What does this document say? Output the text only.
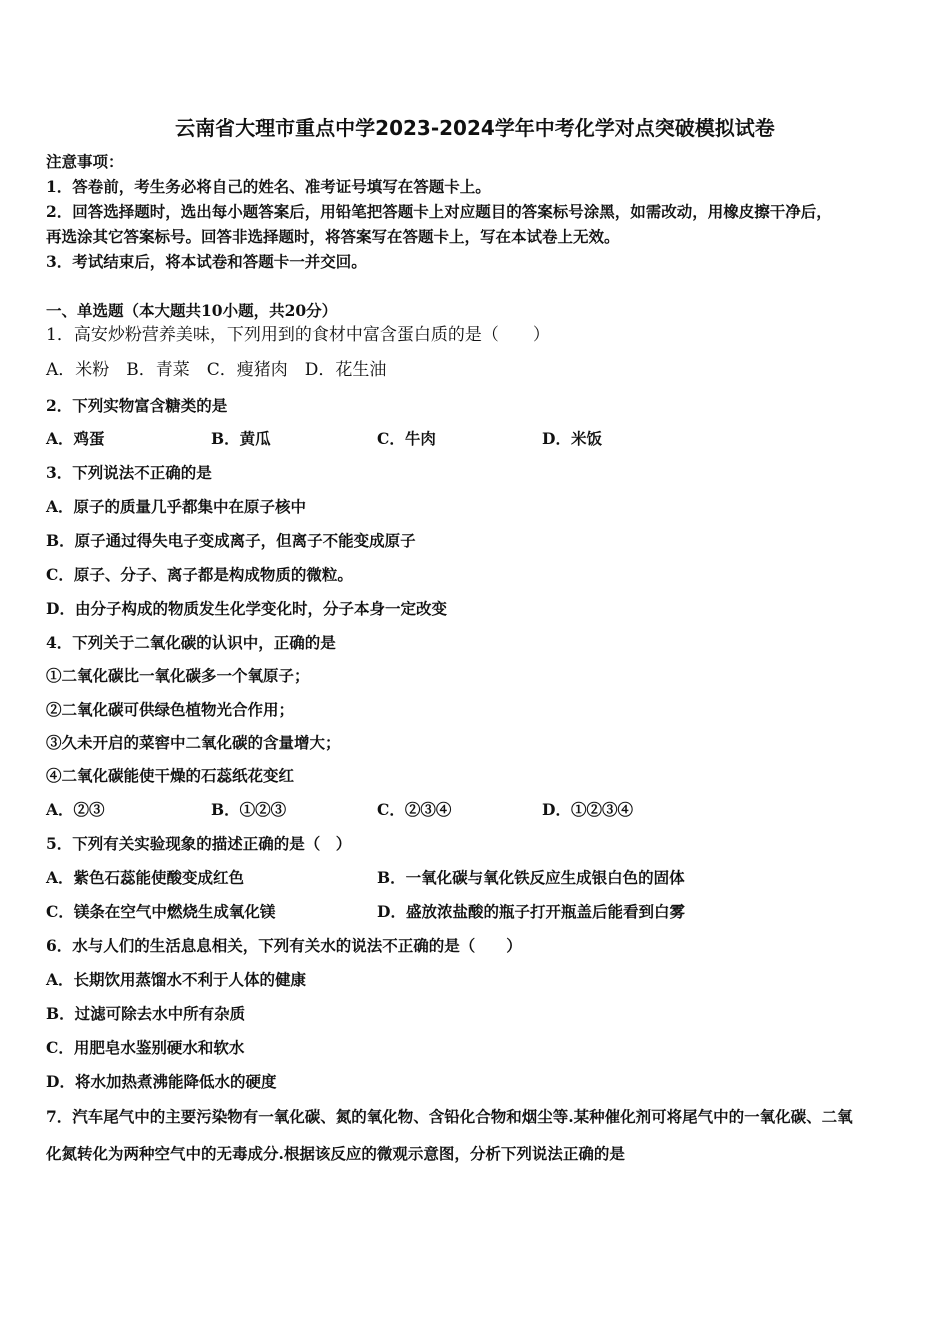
云南省大理市重点中学2023-2024学年中考化学对点突破模拟试卷
注意事项：
1．答卷前，考生务必将自己的姓名、准考证号填写在答题卡上。
2．回答选择题时，选出每小题答案后，用铅笔把答题卡上对应题目的答案标号涂黑，如需改动，用橡皮擦干净后，
再选涂其它答案标号。回答非选择题时，将答案写在答题卡上，写在本试卷上无效。
3．考试结束后，将本试卷和答题卡一并交回。
一、单选题（本大题共10小题，共20分）
1．高安炒粉营养美味，下列用到的食材中富含蛋白质的是（　　）
A．米粉　B．青菜　C．瘦猪肉　D．花生油
2．下列实物富含糖类的是
A．鸡蛋	B．黄瓜	C．牛肉	D．米饭
3．下列说法不正确的是
A．原子的质量几乎都集中在原子核中
B．原子通过得失电子变成离子，但离子不能变成原子
C．原子、分子、离子都是构成物质的微粒。
D．由分子构成的物质发生化学变化时，分子本身一定改变
4．下列关于二氧化碳的认识中，正确的是
①二氧化碳比一氧化碳多一个氧原子；
②二氧化碳可供绿色植物光合作用；
③久未开启的菜窖中二氧化碳的含量增大；
④二氧化碳能使干燥的石蕊纸花变红
A．②③	B．①②③	C．②③④	D．①②③④
5．下列有关实验现象的描述正确的是（　）
A．紫色石蕊能使酸变成红色	B．一氧化碳与氧化铁反应生成银白色的固体
C．镁条在空气中燃烧生成氧化镁	D．盛放浓盐酸的瓶子打开瓶盖后能看到白雾
6．水与人们的生活息息相关，下列有关水的说法不正确的是（　　）
A．长期饮用蒸馏水不利于人体的健康
B．过滤可除去水中所有杂质
C．用肥皂水鉴别硬水和软水
D．将水加热煮沸能降低水的硬度
7．汽车尾气中的主要污染物有一氧化碳、氮的氧化物、含铅化合物和烟尘等.某种催化剂可将尾气中的一氧化碳、二氧
化氮转化为两种空气中的无毒成分.根据该反应的微观示意图，分析下列说法正确的是
